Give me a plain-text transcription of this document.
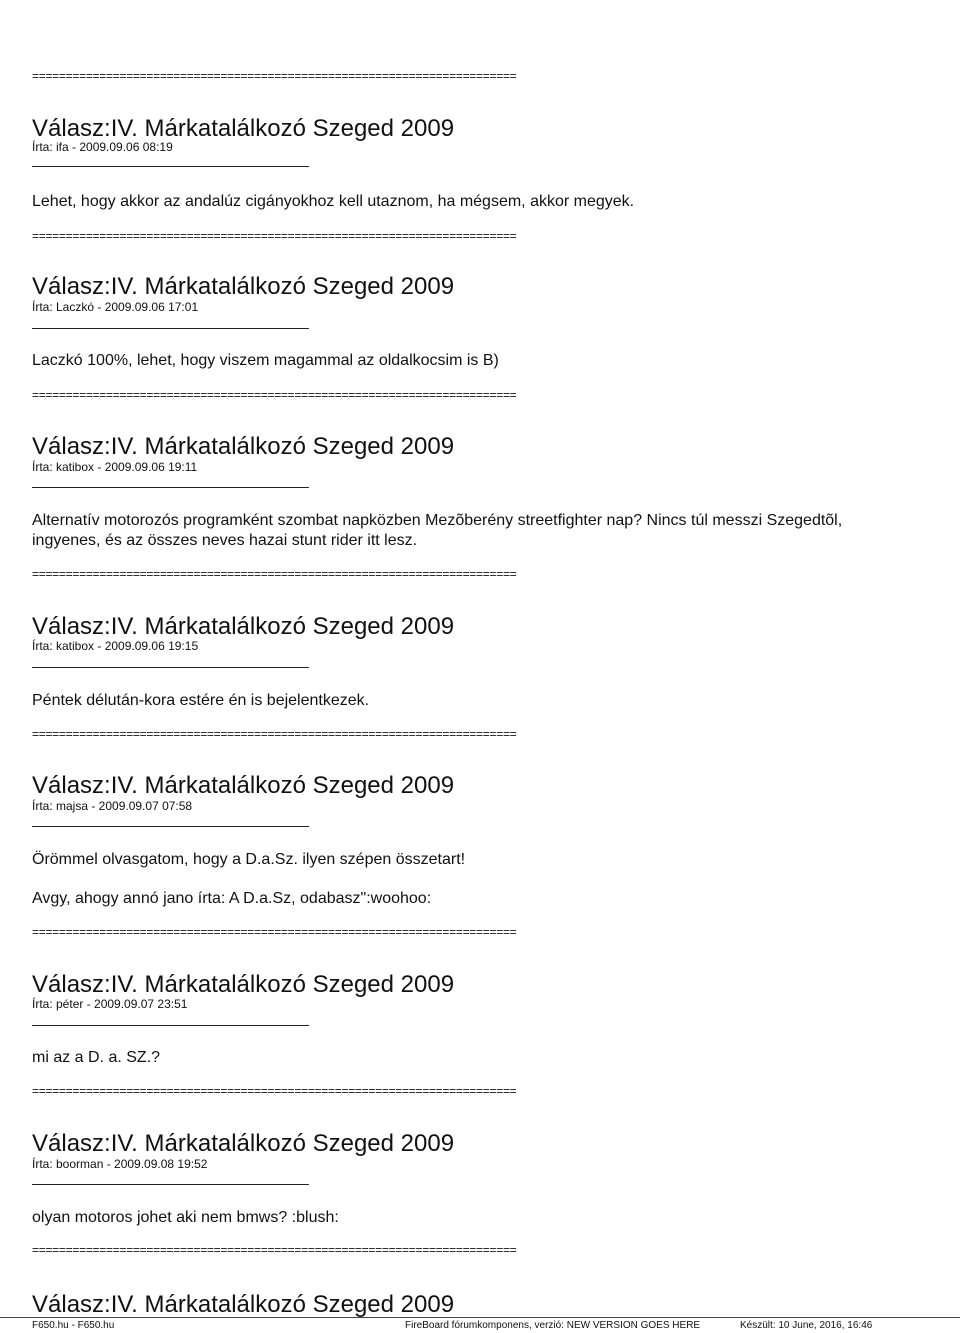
========================================================================
========================================================================
========================================================================
========================================================================
========================================================================
========================================================================
========================================================================
========================================================================
Válasz:IV. Márkatalálkozó Szeged 2009
Írta: ifa - 2009.09.06 08:19

Lehet, hogy akkor az andalúz cigányokhoz kell utaznom, ha mégsem, akkor megyek.

Válasz:IV. Márkatalálkozó Szeged 2009
Írta: Laczkó - 2009.09.06 17:01

Laczkó 100%, lehet, hogy viszem magammal az oldalkocsim is B)

Válasz:IV. Márkatalálkozó Szeged 2009
Írta: katibox - 2009.09.06 19:11

Alternatív motorozós programként szombat napközben Mezõberény streetfighter nap? Nincs túl messzi Szegedtõl, ingyenes, és az összes neves hazai stunt rider itt lesz.

Válasz:IV. Márkatalálkozó Szeged 2009
Írta: katibox - 2009.09.06 19:15

Péntek délután-kora estére én is bejelentkezek.

Válasz:IV. Márkatalálkozó Szeged 2009
Írta: majsa - 2009.09.07 07:58

Örömmel olvasgatom, hogy a D.a.Sz. ilyen szépen összetart!

Avgy, ahogy annó jano írta: A D.a.Sz, odabasz":woohoo:

Válasz:IV. Márkatalálkozó Szeged 2009
Írta: péter - 2009.09.07 23:51

mi az a D. a. SZ.?

Válasz:IV. Márkatalálkozó Szeged 2009
Írta: boorman - 2009.09.08 19:52

olyan motoros johet aki nem bmws? :blush:

Válasz:IV. Márkatalálkozó Szeged 2009
F650.hu - F650.hu	FireBoard fórumkomponens, verzió: NEW VERSION GOES HERE	Készült: 10 June, 2016, 16:46
